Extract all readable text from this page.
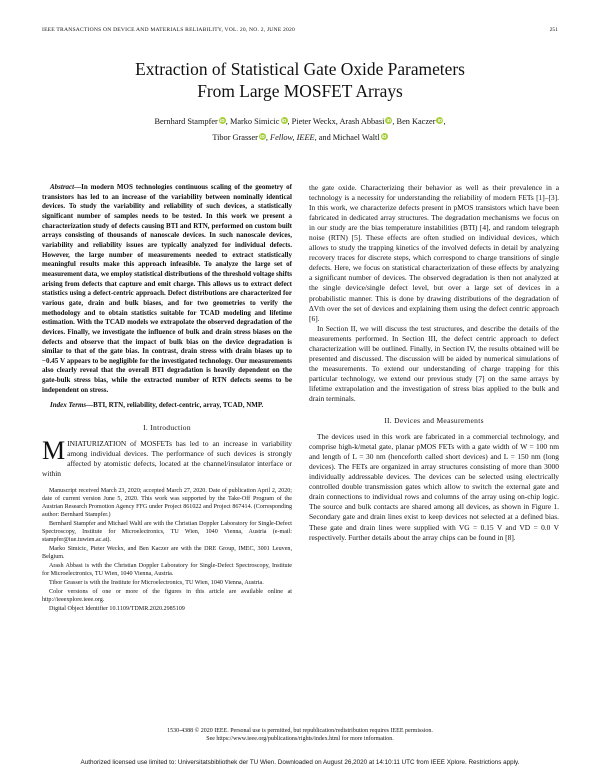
IEEE TRANSACTIONS ON DEVICE AND MATERIALS RELIABILITY, VOL. 20, NO. 2, JUNE 2020	251
Extraction of Statistical Gate Oxide Parameters
From Large MOSFET Arrays
Bernhard Stampfer iD, Marko Simicic iD, Pieter Weckx, Arash Abbasi iD, Ben Kaczer iD,
Tibor Grasser iD, Fellow, IEEE, and Michael Waltl iD

Abstract—In modern MOS technologies continuous scaling of the geometry of transistors has led to an increase of the variability between nominally identical devices. To study the variability and reliability of such devices, a statistically significant number of samples needs to be tested. In this work we present a characterization study of defects causing BTI and RTN, performed on custom built arrays consisting of thousands of nanoscale devices. In such nanoscale devices, variability and reliability issues are typically analyzed for individual defects. However, the large number of measurements needed to extract statistically meaningful results make this approach infeasible. To analyze the large set of measurement data, we employ statistical distributions of the threshold voltage shifts arising from defects that capture and emit charge. This allows us to extract defect statistics using a defect-centric approach. Defect distributions are characterized for various gate, drain and bulk biases, and for two geometries to verify the methodology and to obtain statistics suitable for TCAD modeling and lifetime estimation. With the TCAD models we extrapolate the observed degradation of the devices. Finally, we investigate the influence of bulk and drain stress biases on the defects and observe that the impact of bulk bias on the device degradation is similar to that of the gate bias. In contrast, drain stress with drain biases up to −0.45 V appears to be negligible for the investigated technology. Our measurements also clearly reveal that the overall BTI degradation is heavily dependent on the gate-bulk stress bias, while the extracted number of RTN defects seems to be independent on stress.

Index Terms—BTI, RTN, reliability, defect-centric, array, TCAD, NMP.

I. Introduction

MINIATURIZATION of MOSFETs has led to an increase in variability among individual devices. The performance of such devices is strongly affected by atomistic defects, located at the channel/insulator interface or within

Manuscript received March 23, 2020; accepted March 27, 2020. Date of publication April 2, 2020; date of current version June 5, 2020. This work was supported by the Take-Off Program of the Austrian Research Promotion Agency FFG under Project 861022 and Project 867414. (Corresponding author: Bernhard Stampfer.)

Bernhard Stampfer and Michael Waltl are with the Christian Doppler Laboratory for Single-Defect Spectroscopy, Institute for Microelectronics, TU Wien, 1040 Vienna, Austria (e-mail: stampfer@iue.tuwien.ac.at).

Marko Simicic, Pieter Weckx, and Ben Kaczer are with the DRE Group, IMEC, 3001 Leuven, Belgium.

Arash Abbasi is with the Christian Doppler Laboratory for Single-Defect Spectroscopy, Institute for Microelectronics, TU Wien, 1040 Vienna, Austria.

Tibor Grasser is with the Institute for Microelectronics, TU Wien, 1040 Vienna, Austria.

Color versions of one or more of the figures in this article are available online at http://ieeexplore.ieee.org.

Digital Object Identifier 10.1109/TDMR.2020.2985109

the gate oxide. Characterizing their behavior as well as their prevalence in a technology is a necessity for understanding the reliability of modern FETs [1]–[3]. In this work, we characterize defects present in pMOS transistors which have been fabricated in dedicated array structures. The degradation mechanisms we focus on in our study are the bias temperature instabilities (BTI) [4], and random telegraph noise (RTN) [5]. These effects are often studied on individual devices, which allows to study the trapping kinetics of the involved defects in detail by analyzing recovery traces for discrete steps, which correspond to charge transitions of single defects. Here, we focus on statistical characterization of these effects by analyzing a significant number of devices. The observed degradation is then not analyzed at the single device/single defect level, but over a large set of devices in a probabilistic manner. This is done by drawing distributions of the degradation of ΔVth over the set of devices and explaining them using the defect centric approach [6].

In Section II, we will discuss the test structures, and describe the details of the measurements performed. In Section III, the defect centric approach to defect characterization will be outlined. Finally, in Section IV, the results obtained will be presented and discussed. The discussion will be aided by numerical simulations of the measurements. To extend our understanding of charge trapping for this particular technology, we extend our previous study [7] on the same arrays by lifetime extrapolation and the investigation of stress bias applied to the bulk and drain terminals.

II. Devices and Measurements

The devices used in this work are fabricated in a commercial technology, and comprise high-k/metal gate, planar pMOS FETs with a gate width of W = 100 nm and length of L = 30 nm (henceforth called short devices) and L = 150 nm (long devices). The FETs are organized in array structures consisting of more than 3000 individually addressable devices. The devices can be selected using electrically controlled double transmission gates which allow to switch the external gate and drain connections to individual rows and columns of the array using on-chip logic. The source and bulk contacts are shared among all devices, as shown in Figure 1. Secondary gate and drain lines exist to keep devices not selected at a defined bias. These gate and drain lines were supplied with VG = 0.15 V and VD = 0.0 V respectively. Further details about the array chips can be found in [8].

1530-4388 © 2020 IEEE. Personal use is permitted, but republication/redistribution requires IEEE permission.
See https://www.ieee.org/publications/rights/index.html for more information.
Authorized licensed use limited to: Universitatsbibliothek der TU Wien. Downloaded on August 26,2020 at 14:10:11 UTC from IEEE Xplore. Restrictions apply.
